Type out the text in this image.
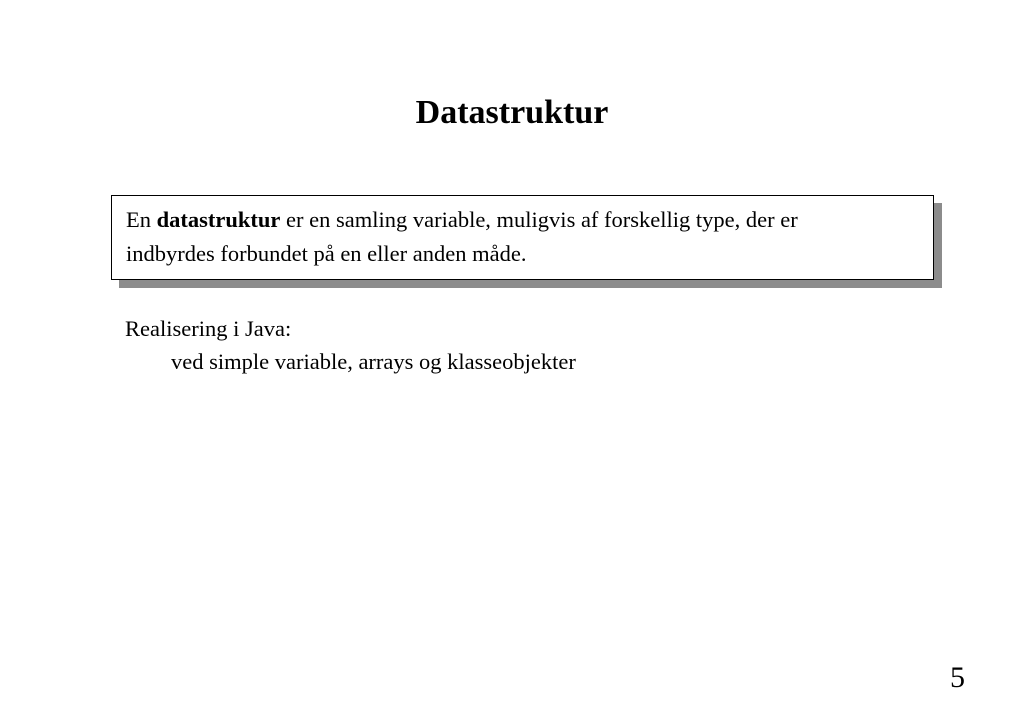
Datastruktur

En datastruktur er en samling variable, muligvis af forskellig type, der er
indbyrdes forbundet på en eller anden måde.

Realisering i Java:
ved simple variable, arrays og klasseobjekter
5
